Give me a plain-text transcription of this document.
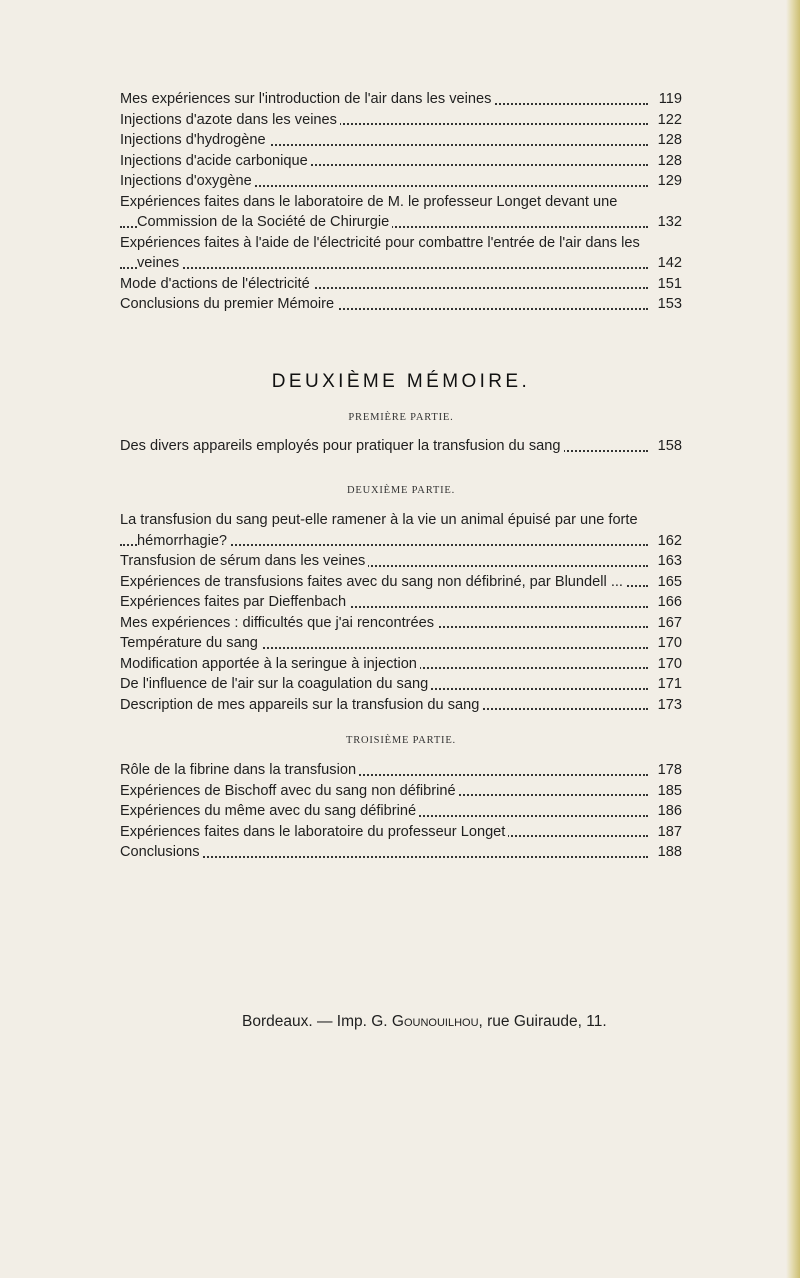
Mes expériences sur l'introduction de l'air dans les veines	119
Injections d'azote dans les veines	122
Injections d'hydrogène	128
Injections d'acide carbonique	128
Injections d'oxygène	129
Expériences faites dans le laboratoire de M. le professeur Longet devant une Commission de la Société de Chirurgie	132
Expériences faites à l'aide de l'électricité pour combattre l'entrée de l'air dans les veines	142
Mode d'actions de l'électricité	151
Conclusions du premier Mémoire	153

DEUXIÈME MÉMOIRE.

PREMIÈRE PARTIE.

Des divers appareils employés pour pratiquer la transfusion du sang	158

DEUXIÈME PARTIE.

La transfusion du sang peut-elle ramener à la vie un animal épuisé par une forte hémorrhagie?	162
Transfusion de sérum dans les veines	163
Expériences de transfusions faites avec du sang non défibriné, par Blundell ...	165
Expériences faites par Dieffenbach	166
Mes expériences : difficultés que j'ai rencontrées	167
Température du sang	170
Modification apportée à la seringue à injection	170
De l'influence de l'air sur la coagulation du sang	171
Description de mes appareils sur la transfusion du sang	173

TROISIÈME PARTIE.

Rôle de la fibrine dans la transfusion	178
Expériences de Bischoff avec du sang non défibriné	185
Expériences du même avec du sang défibriné	186
Expériences faites dans le laboratoire du professeur Longet	187
Conclusions	188
Bordeaux. — Imp. G. Gounouilhou, rue Guiraude, 11.
